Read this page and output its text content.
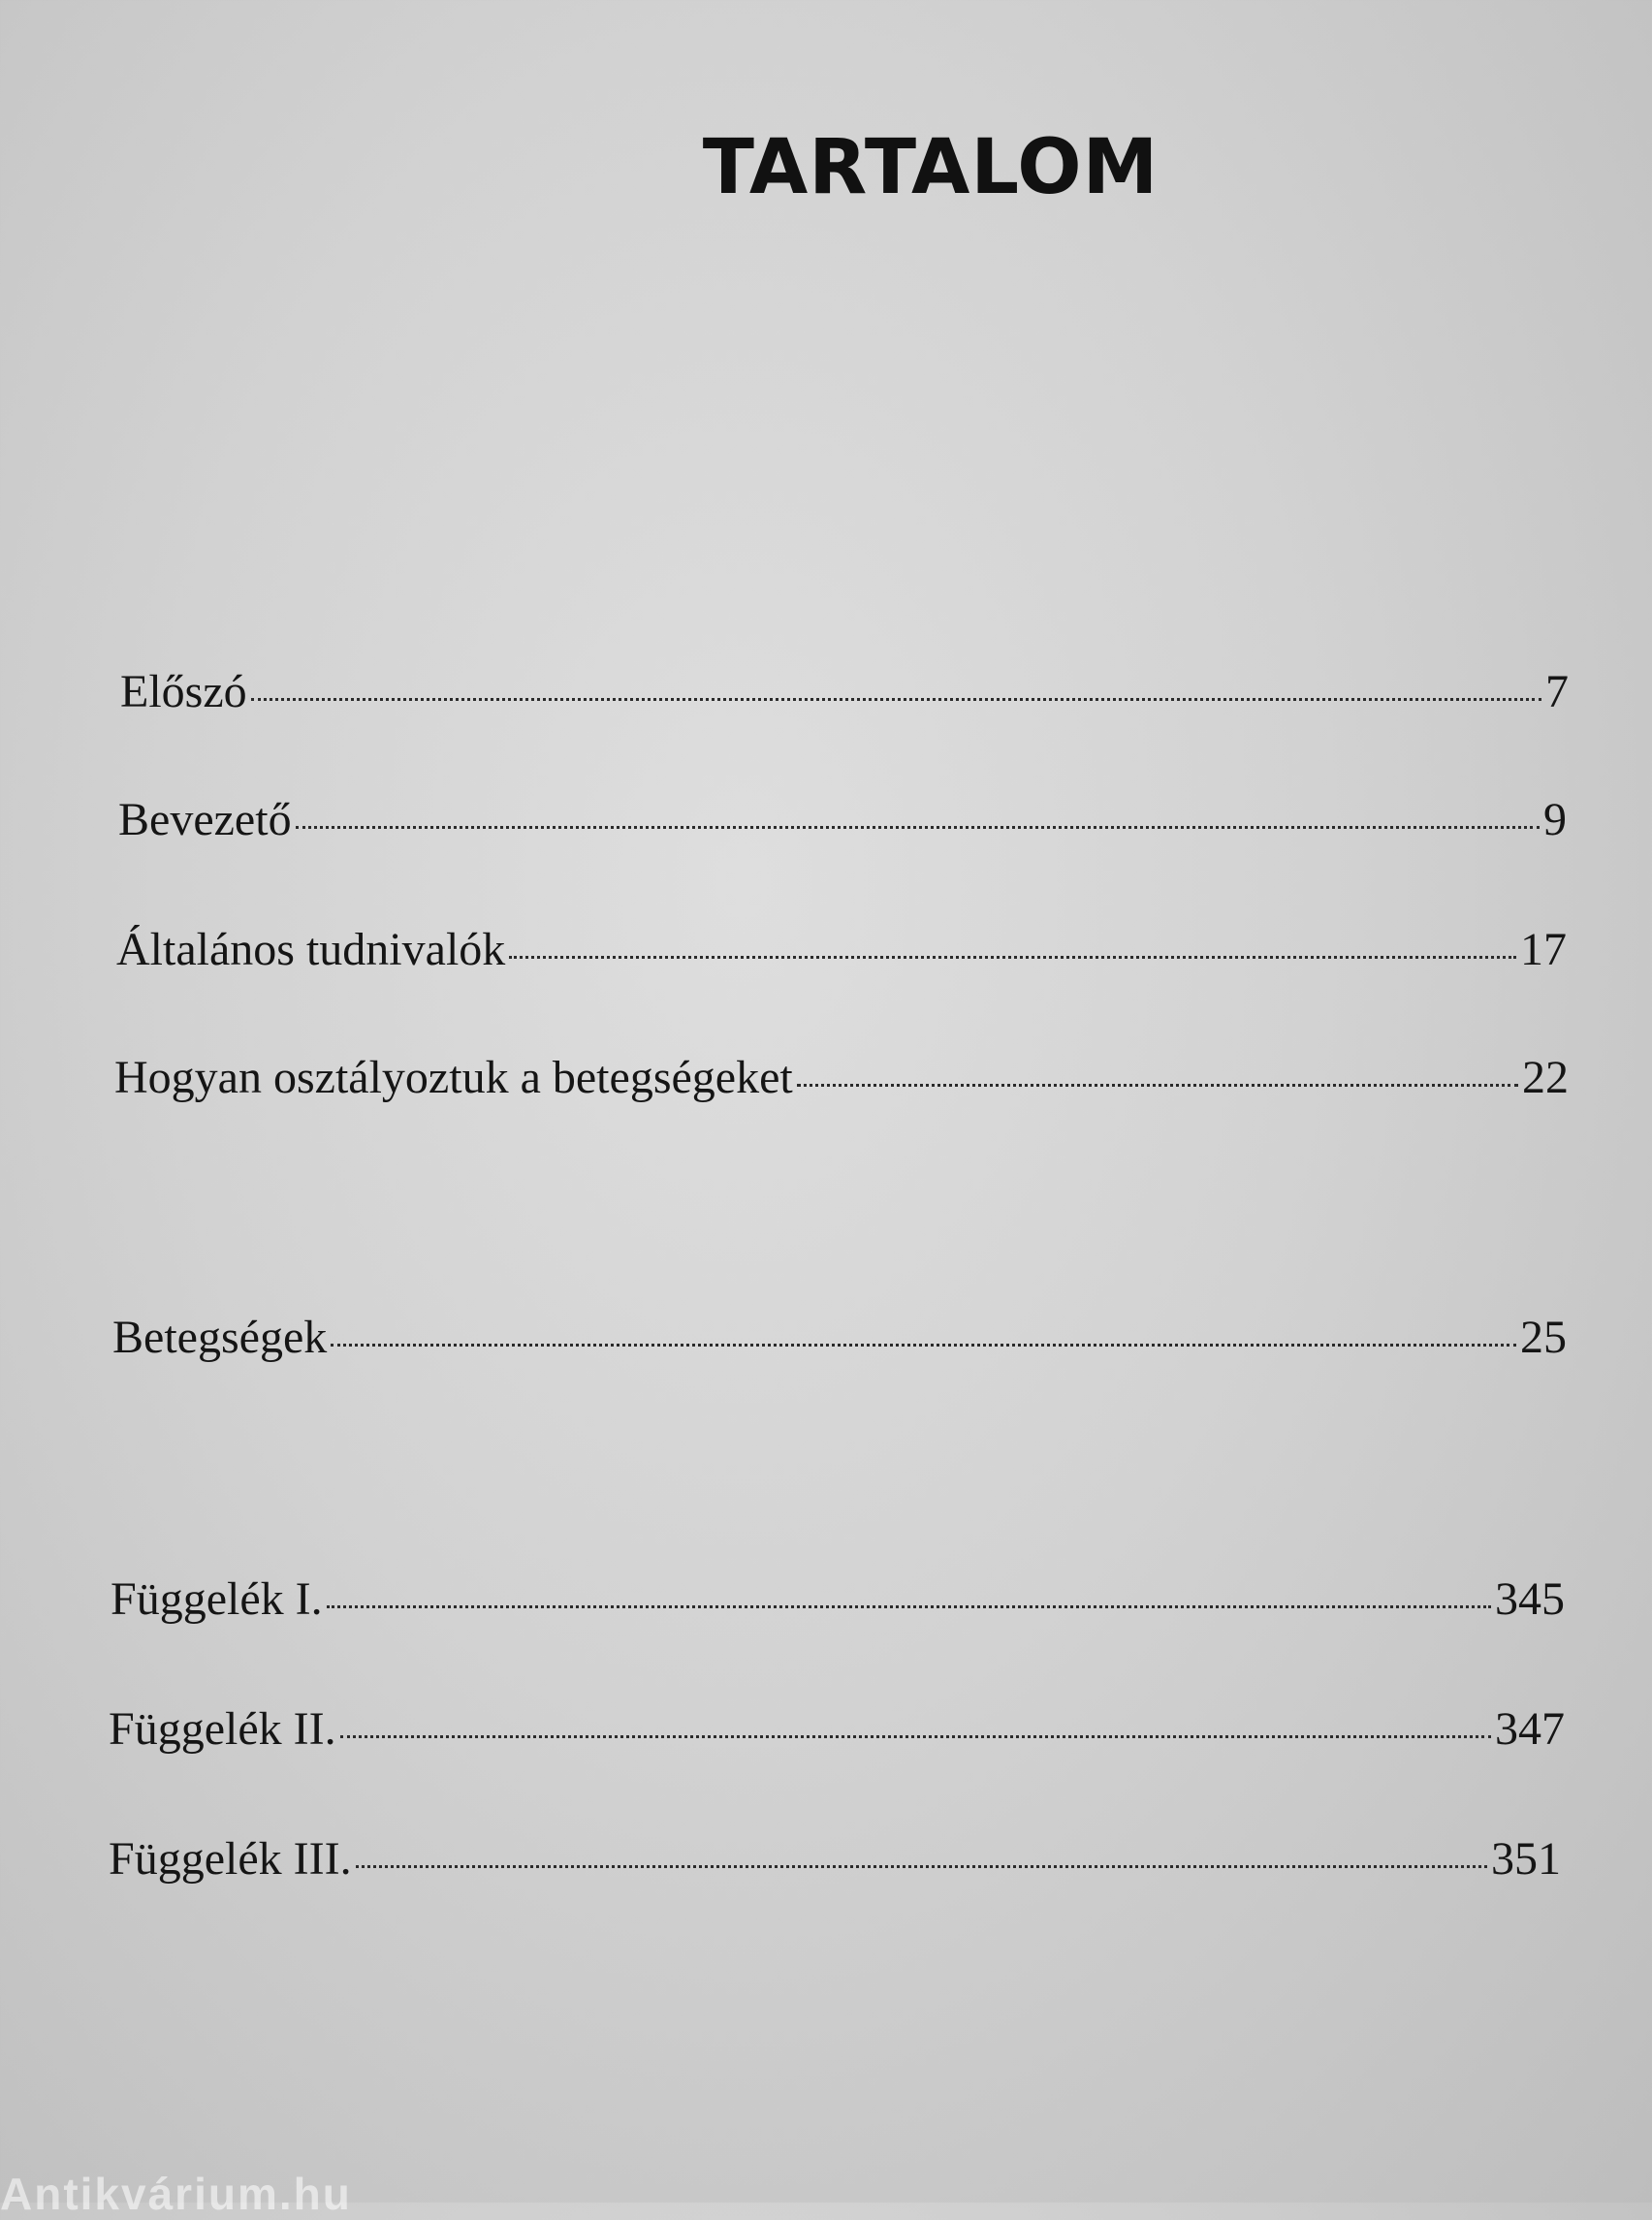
TARTALOM
Előszó	7
Bevezető	9
Általános tudnivalók	17
Hogyan osztályoztuk a betegségeket	22
Betegségek	25
Függelék I.	345
Függelék II.	347
Függelék III.	351
Antikvárium.hu
